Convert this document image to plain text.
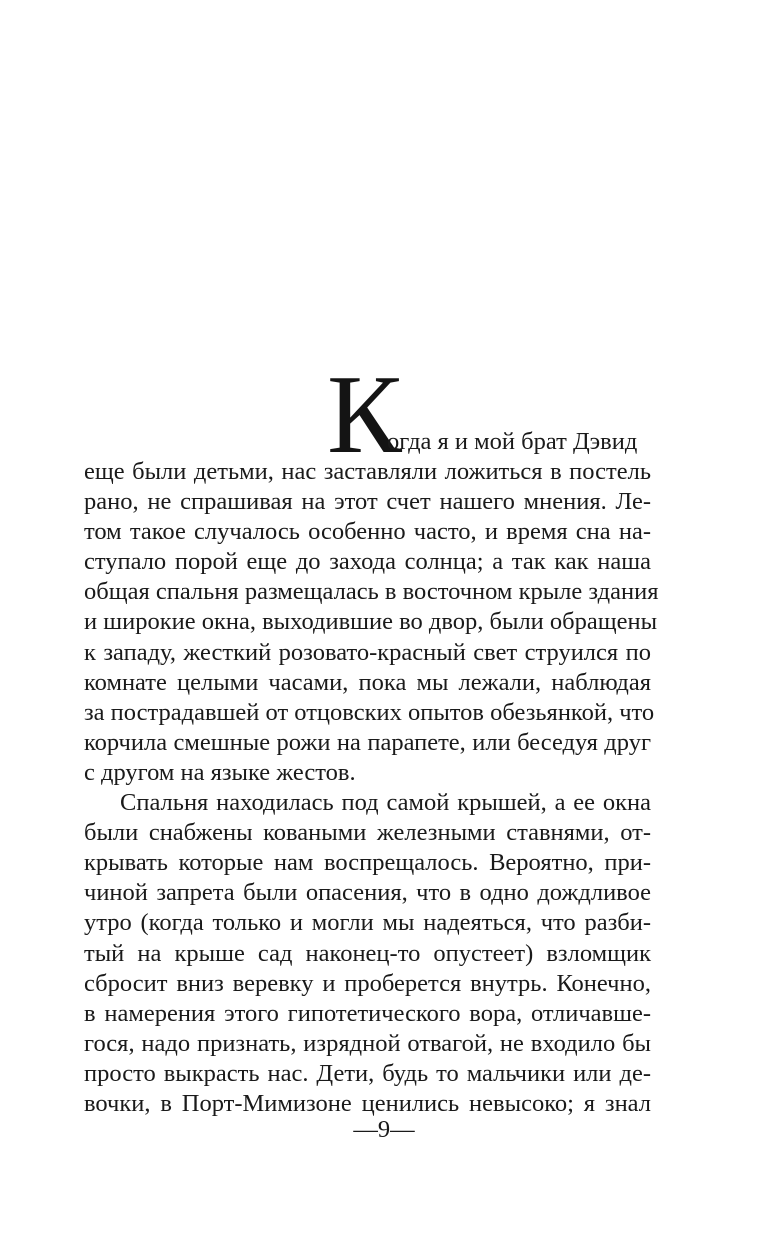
К
огда я и мой брат Дэвид
еще были детьми, нас заставляли ложиться в постель
рано, не спрашивая на этот счет нашего мнения. Ле-
том такое случалось особенно часто, и время сна на-
ступало порой еще до захода солнца; а так как наша
общая спальня размещалась в восточном крыле здания
и широкие окна, выходившие во двор, были обращены
к западу, жесткий розовато-красный свет струился по
комнате целыми часами, пока мы лежали, наблюдая
за пострадавшей от отцовских опытов обезьянкой, что
корчила смешные рожи на парапете, или беседуя друг
с другом на языке жестов.
Спальня находилась под самой крышей, а ее окна
были снабжены коваными железными ставнями, от-
крывать которые нам воспрещалось. Вероятно, при-
чиной запрета были опасения, что в одно дождливое
утро (когда только и могли мы надеяться, что разби-
тый на крыше сад наконец-то опустеет) взломщик
сбросит вниз веревку и проберется внутрь. Конечно,
в намерения этого гипотетического вора, отличавше-
гося, надо признать, изрядной отвагой, не входило бы
просто выкрасть нас. Дети, будь то мальчики или де-
вочки, в Порт-Мимизоне ценились невысоко; я знал
—9—
